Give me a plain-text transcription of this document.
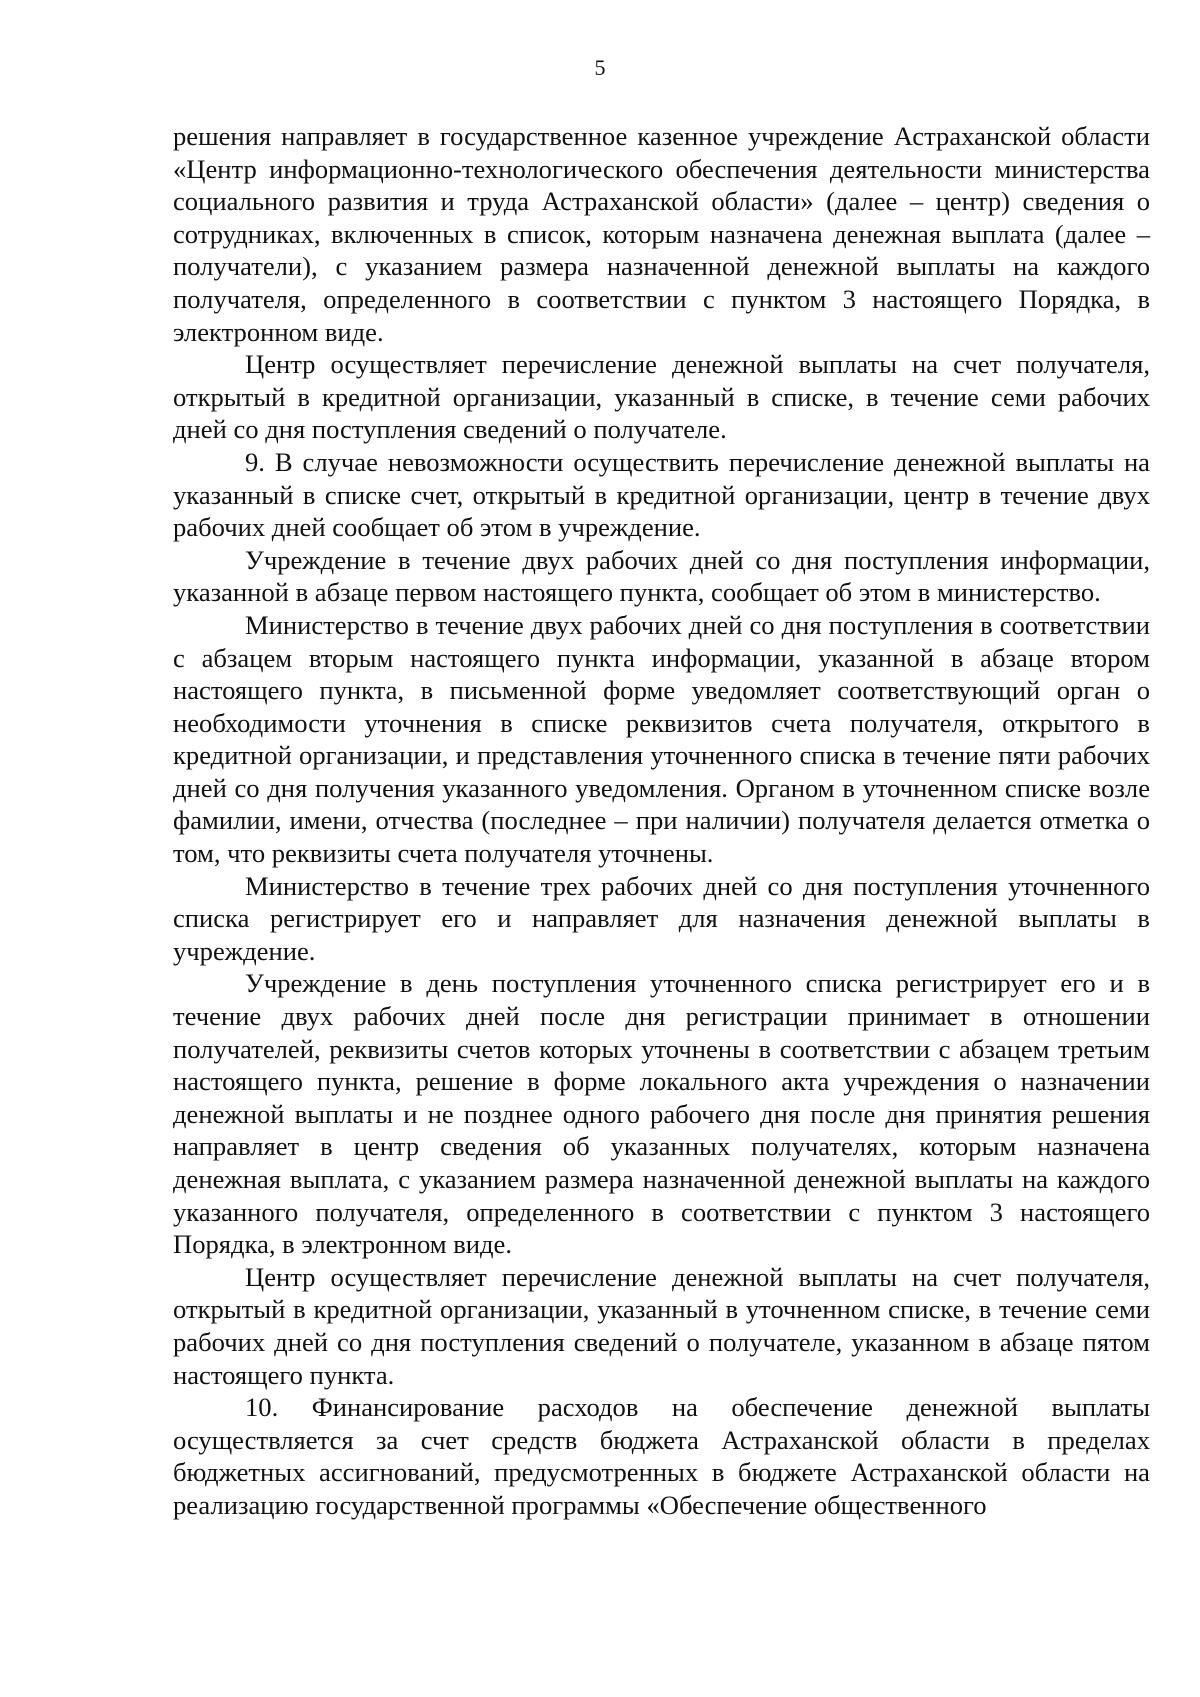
5

решения направляет в государственное казенное учреждение Астраханской области «Центр информационно-технологического обеспечения деятельности министерства социального развития и труда Астраханской области» (далее – центр) сведения о сотрудниках, включенных в список, которым назначена денежная выплата (далее – получатели), с указанием размера назначенной денежной выплаты на каждого получателя, определенного в соответствии с пунктом 3 настоящего Порядка, в электронном виде.

Центр осуществляет перечисление денежной выплаты на счет получателя, открытый в кредитной организации, указанный в списке, в течение семи рабочих дней со дня поступления сведений о получателе.

9. В случае невозможности осуществить перечисление денежной выплаты на указанный в списке счет, открытый в кредитной организации, центр в течение двух рабочих дней сообщает об этом в учреждение.

Учреждение в течение двух рабочих дней со дня поступления информации, указанной в абзаце первом настоящего пункта, сообщает об этом в министерство.

Министерство в течение двух рабочих дней со дня поступления в соответствии с абзацем вторым настоящего пункта информации, указанной в абзаце втором настоящего пункта, в письменной форме уведомляет соответствующий орган о необходимости уточнения в списке реквизитов счета получателя, открытого в кредитной организации, и представления уточненного списка в течение пяти рабочих дней со дня получения указанного уведомления. Органом в уточненном списке возле фамилии, имени, отчества (последнее – при наличии) получателя делается отметка о том, что реквизиты счета получателя уточнены.

Министерство в течение трех рабочих дней со дня поступления уточненного списка регистрирует его и направляет для назначения денежной выплаты в учреждение.

Учреждение в день поступления уточненного списка регистрирует его и в течение двух рабочих дней после дня регистрации принимает в отношении получателей, реквизиты счетов которых уточнены в соответствии с абзацем третьим настоящего пункта, решение в форме локального акта учреждения о назначении денежной выплаты и не позднее одного рабочего дня после дня принятия решения направляет в центр сведения об указанных получателях, которым назначена денежная выплата, с указанием размера назначенной денежной выплаты на каждого указанного получателя, определенного в соответствии с пунктом 3 настоящего Порядка, в электронном виде.

Центр осуществляет перечисление денежной выплаты на счет получателя, открытый в кредитной организации, указанный в уточненном списке, в течение семи рабочих дней со дня поступления сведений о получателе, указанном в абзаце пятом настоящего пункта.

10. Финансирование расходов на обеспечение денежной выплаты осуществляется за счет средств бюджета Астраханской области в пределах бюджетных ассигнований, предусмотренных в бюджете Астраханской области на реализацию государственной программы «Обеспечение общественного
